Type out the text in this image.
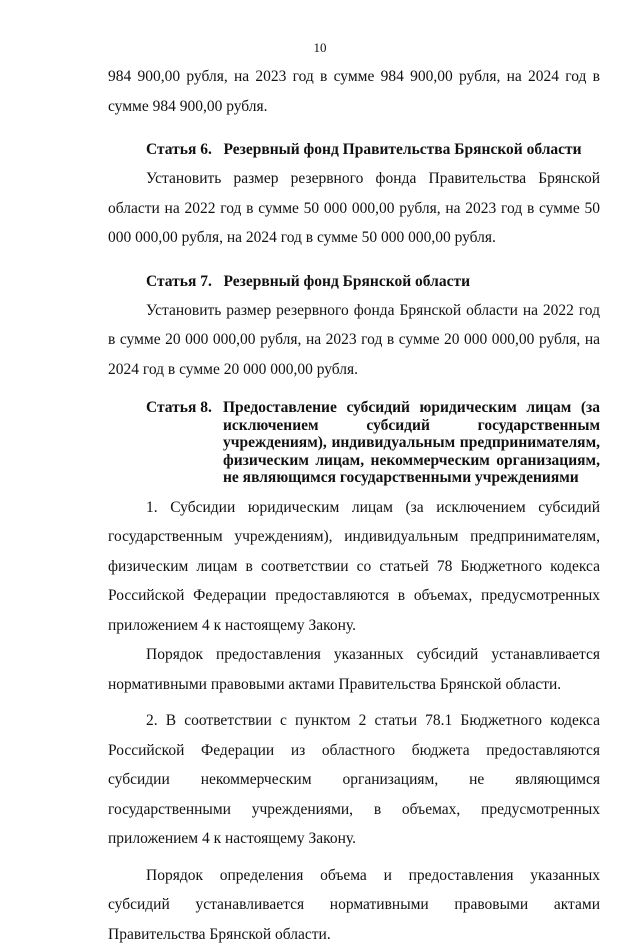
10

984 900,00 рубля, на 2023 год в сумме 984 900,00 рубля, на 2024 год в сумме 984 900,00 рубля.

Статья 6.   Резервный фонд Правительства Брянской области

Установить размер резервного фонда Правительства Брянской области на 2022 год в сумме 50 000 000,00 рубля, на 2023 год в сумме 50 000 000,00 рубля, на 2024 год в сумме 50 000 000,00 рубля.

Статья 7.   Резервный фонд Брянской области

Установить размер резервного фонда Брянской области на 2022 год в сумме 20 000 000,00 рубля, на 2023 год в сумме 20 000 000,00 рубля, на 2024 год в сумме 20 000 000,00 рубля.

Статья 8. Предоставление субсидий юридическим лицам (за исключением субсидий государственным учреждениям), индивидуальным предпринимателям, физическим лицам, некоммерческим организациям, не являющимся государственными учреждениями

1. Субсидии юридическим лицам (за исключением субсидий государственным учреждениям), индивидуальным предпринимателям, физическим лицам в соответствии со статьей 78 Бюджетного кодекса Российской Федерации предоставляются в объемах, предусмотренных приложением 4 к настоящему Закону.

Порядок предоставления указанных субсидий устанавливается нормативными правовыми актами Правительства Брянской области.

2. В соответствии с пунктом 2 статьи 78.1 Бюджетного кодекса Российской Федерации из областного бюджета предоставляются субсидии некоммерческим организациям, не являющимся государственными учреждениями, в объемах, предусмотренных приложением 4 к настоящему Закону.

Порядок определения объема и предоставления указанных субсидий устанавливается нормативными правовыми актами Правительства Брянской области.
